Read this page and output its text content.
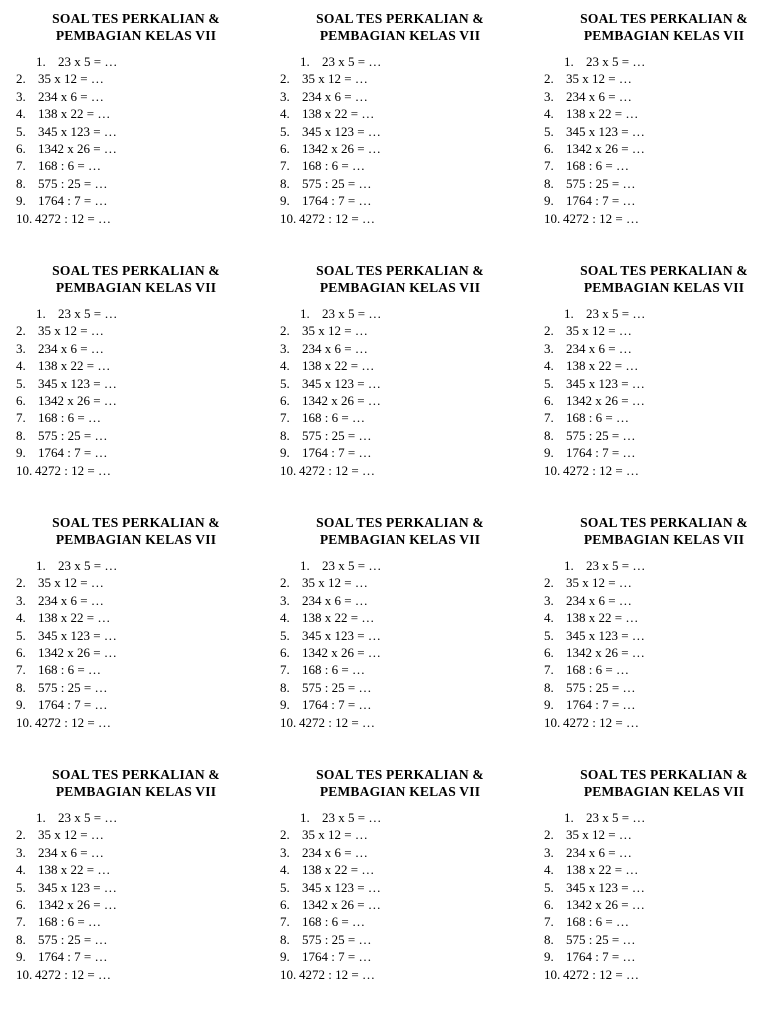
SOAL TES PERKALIAN &
PEMBAGIAN KELAS VII
1. 23 x 5 = …
2. 35 x 12 = …
3. 234 x 6 = …
4. 138 x 22 = …
5. 345 x 123 = …
6. 1342 x 26 = …
7. 168 : 6 = …
8. 575 : 25 = …
9. 1764 : 7 = …
10. 4272 : 12 = …
SOAL TES PERKALIAN &
PEMBAGIAN KELAS VII
1. 23 x 5 = …
2. 35 x 12 = …
3. 234 x 6 = …
4. 138 x 22 = …
5. 345 x 123 = …
6. 1342 x 26 = …
7. 168 : 6 = …
8. 575 : 25 = …
9. 1764 : 7 = …
10. 4272 : 12 = …
SOAL TES PERKALIAN &
PEMBAGIAN KELAS VII
1. 23 x 5 = …
2. 35 x 12 = …
3. 234 x 6 = …
4. 138 x 22 = …
5. 345 x 123 = …
6. 1342 x 26 = …
7. 168 : 6 = …
8. 575 : 25 = …
9. 1764 : 7 = …
10. 4272 : 12 = …
SOAL TES PERKALIAN &
PEMBAGIAN KELAS VII
1. 23 x 5 = …
2. 35 x 12 = …
3. 234 x 6 = …
4. 138 x 22 = …
5. 345 x 123 = …
6. 1342 x 26 = …
7. 168 : 6 = …
8. 575 : 25 = …
9. 1764 : 7 = …
10. 4272 : 12 = …
SOAL TES PERKALIAN &
PEMBAGIAN KELAS VII
1. 23 x 5 = …
2. 35 x 12 = …
3. 234 x 6 = …
4. 138 x 22 = …
5. 345 x 123 = …
6. 1342 x 26 = …
7. 168 : 6 = …
8. 575 : 25 = …
9. 1764 : 7 = …
10. 4272 : 12 = …
SOAL TES PERKALIAN &
PEMBAGIAN KELAS VII
1. 23 x 5 = …
2. 35 x 12 = …
3. 234 x 6 = …
4. 138 x 22 = …
5. 345 x 123 = …
6. 1342 x 26 = …
7. 168 : 6 = …
8. 575 : 25 = …
9. 1764 : 7 = …
10. 4272 : 12 = …
SOAL TES PERKALIAN &
PEMBAGIAN KELAS VII
1. 23 x 5 = …
2. 35 x 12 = …
3. 234 x 6 = …
4. 138 x 22 = …
5. 345 x 123 = …
6. 1342 x 26 = …
7. 168 : 6 = …
8. 575 : 25 = …
9. 1764 : 7 = …
10. 4272 : 12 = …
SOAL TES PERKALIAN &
PEMBAGIAN KELAS VII
1. 23 x 5 = …
2. 35 x 12 = …
3. 234 x 6 = …
4. 138 x 22 = …
5. 345 x 123 = …
6. 1342 x 26 = …
7. 168 : 6 = …
8. 575 : 25 = …
9. 1764 : 7 = …
10. 4272 : 12 = …
SOAL TES PERKALIAN &
PEMBAGIAN KELAS VII
1. 23 x 5 = …
2. 35 x 12 = …
3. 234 x 6 = …
4. 138 x 22 = …
5. 345 x 123 = …
6. 1342 x 26 = …
7. 168 : 6 = …
8. 575 : 25 = …
9. 1764 : 7 = …
10. 4272 : 12 = …
SOAL TES PERKALIAN &
PEMBAGIAN KELAS VII
1. 23 x 5 = …
2. 35 x 12 = …
3. 234 x 6 = …
4. 138 x 22 = …
5. 345 x 123 = …
6. 1342 x 26 = …
7. 168 : 6 = …
8. 575 : 25 = …
9. 1764 : 7 = …
10. 4272 : 12 = …
SOAL TES PERKALIAN &
PEMBAGIAN KELAS VII
1. 23 x 5 = …
2. 35 x 12 = …
3. 234 x 6 = …
4. 138 x 22 = …
5. 345 x 123 = …
6. 1342 x 26 = …
7. 168 : 6 = …
8. 575 : 25 = …
9. 1764 : 7 = …
10. 4272 : 12 = …
SOAL TES PERKALIAN &
PEMBAGIAN KELAS VII
1. 23 x 5 = …
2. 35 x 12 = …
3. 234 x 6 = …
4. 138 x 22 = …
5. 345 x 123 = …
6. 1342 x 26 = …
7. 168 : 6 = …
8. 575 : 25 = …
9. 1764 : 7 = …
10. 4272 : 12 = …
